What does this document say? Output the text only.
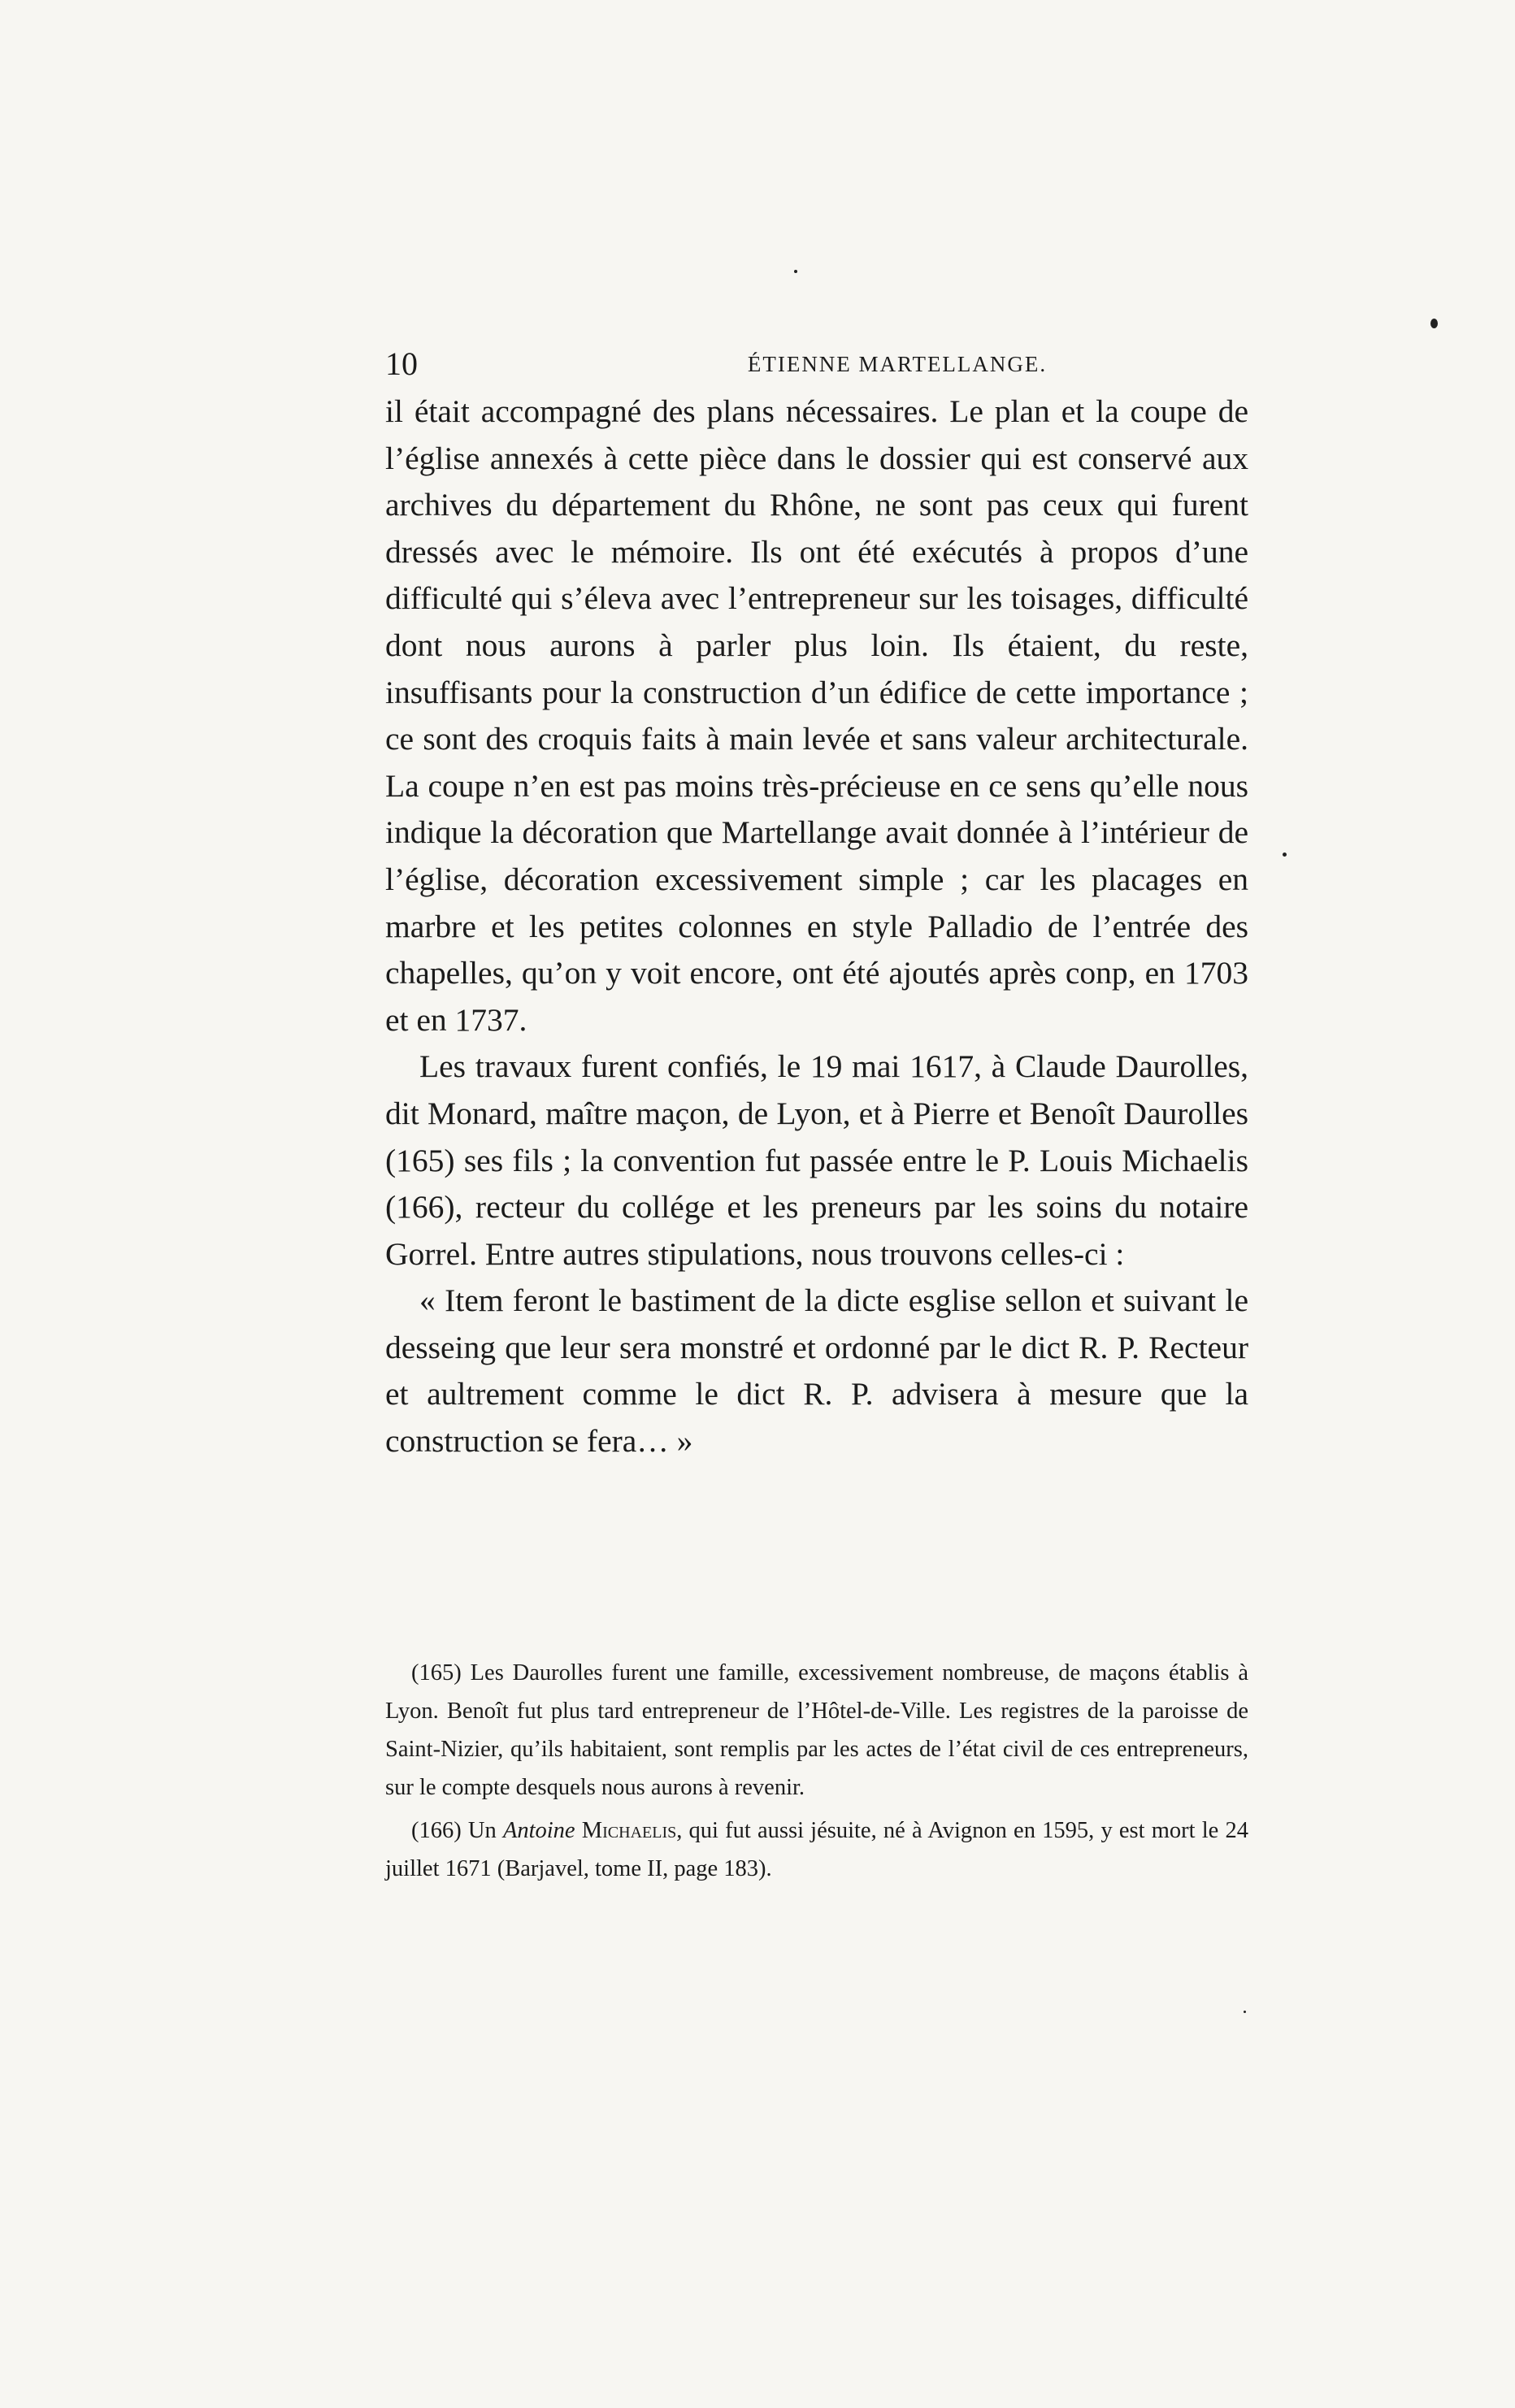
10	ÉTIENNE MARTELLANGE.

il était accompagné des plans nécessaires. Le plan et la coupe de l’église annexés à cette pièce dans le dossier qui est conservé aux archives du département du Rhône, ne sont pas ceux qui furent dressés avec le mémoire. Ils ont été exécutés à propos d’une difficulté qui s’éleva avec l’entrepreneur sur les toisages, difficulté dont nous aurons à parler plus loin. Ils étaient, du reste, insuffisants pour la construction d’un édifice de cette importance ; ce sont des croquis faits à main levée et sans valeur architecturale. La coupe n’en est pas moins très-précieuse en ce sens qu’elle nous indique la décoration que Martellange avait donnée à l’intérieur de l’église, décoration excessivement simple ; car les placages en marbre et les petites colonnes en style Palladio de l’entrée des chapelles, qu’on y voit encore, ont été ajoutés après conp, en 1703 et en 1737.

Les travaux furent confiés, le 19 mai 1617, à Claude Daurolles, dit Monard, maître maçon, de Lyon, et à Pierre et Benoît Daurolles (165) ses fils ; la convention fut passée entre le P. Louis Michaelis (166), recteur du collége et les preneurs par les soins du notaire Gorrel. Entre autres stipulations, nous trouvons celles-ci :

« Item feront le bastiment de la dicte esglise sellon et suivant le desseing que leur sera monstré et ordonné par le dict R. P. Recteur et aultrement comme le dict R. P. advisera à mesure que la construction se fera… »

(165) Les Daurolles furent une famille, excessivement nombreuse, de maçons établis à Lyon. Benoît fut plus tard entrepreneur de l’Hôtel-de-Ville. Les registres de la paroisse de Saint-Nizier, qu’ils habitaient, sont remplis par les actes de l’état civil de ces entrepreneurs, sur le compte desquels nous aurons à revenir.

(166) Un Antoine Michaelis, qui fut aussi jésuite, né à Avignon en 1595, y est mort le 24 juillet 1671 (Barjavel, tome II, page 183).
